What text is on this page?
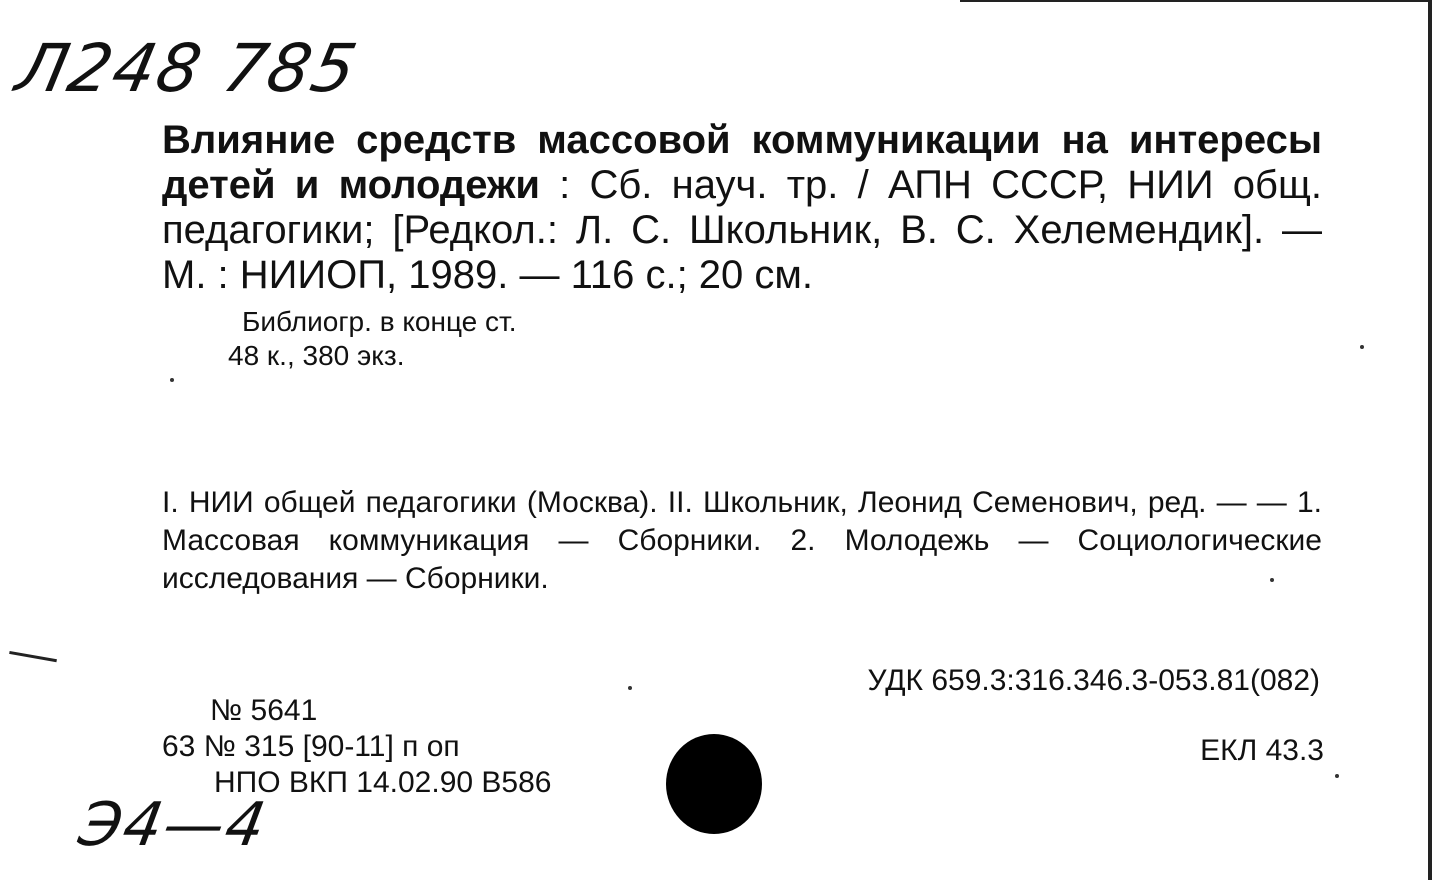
Л248 785
Влияние средств массовой коммуникации на интересы детей и молодежи : Сб. науч. тр. / АПН СССР, НИИ общ. педагогики; [Редкол.: Л. С. Школьник, В. С. Хелемендик]. — М. : НИИОП, 1989. — 116 с.; 20 см.
Библиогр. в конце ст.
48 к., 380 экз.
I. НИИ общей педагогики (Москва). II. Школьник, Леонид Семенович, ред. — — 1. Массовая коммуникация — Сборники. 2. Молодежь — Социологические исследования — Сборники.
УДК 659.3:316.346.3-053.81(082)
№ 5641
63 № 315 [90-11] п оп
НПО ВКП 14.02.90 В586
ЕКЛ 43.3
Э4—4
